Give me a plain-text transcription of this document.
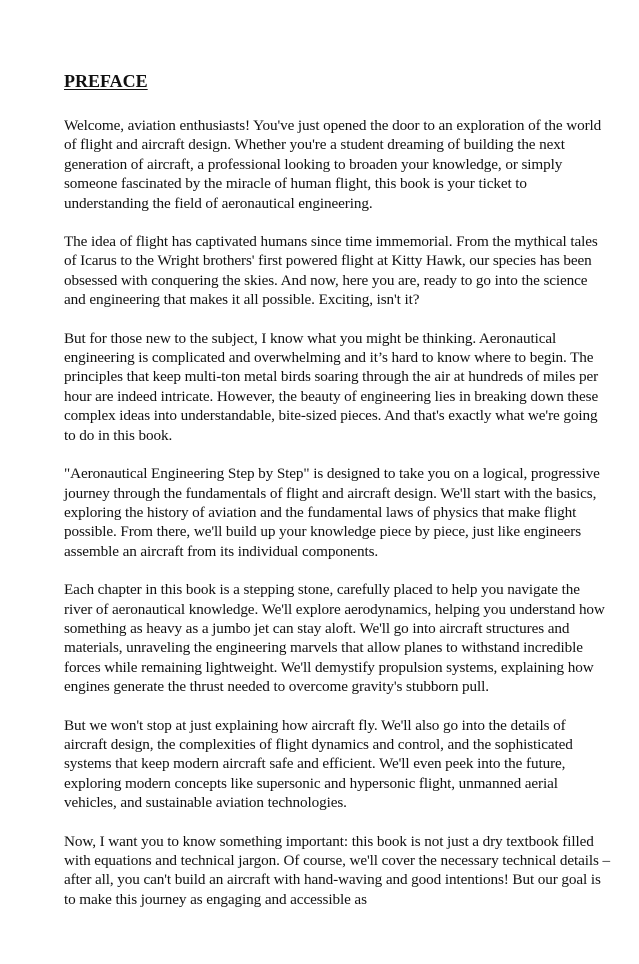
PREFACE

Welcome, aviation enthusiasts! You've just opened the door to an exploration of the world of flight and aircraft design. Whether you're a student dreaming of building the next generation of aircraft, a professional looking to broaden your knowledge, or simply someone fascinated by the miracle of human flight, this book is your ticket to understanding the field of aeronautical engineering.

The idea of flight has captivated humans since time immemorial. From the mythical tales of Icarus to the Wright brothers' first powered flight at Kitty Hawk, our species has been obsessed with conquering the skies. And now, here you are, ready to go into the science and engineering that makes it all possible. Exciting, isn't it?

But for those new to the subject, I know what you might be thinking. Aeronautical engineering is complicated and overwhelming and it’s hard to know where to begin. The principles that keep multi-ton metal birds soaring through the air at hundreds of miles per hour are indeed intricate. However, the beauty of engineering lies in breaking down these complex ideas into understandable, bite-sized pieces. And that's exactly what we're going to do in this book.

"Aeronautical Engineering Step by Step" is designed to take you on a logical, progressive journey through the fundamentals of flight and aircraft design. We'll start with the basics, exploring the history of aviation and the fundamental laws of physics that make flight possible. From there, we'll build up your knowledge piece by piece, just like engineers assemble an aircraft from its individual components.

Each chapter in this book is a stepping stone, carefully placed to help you navigate the river of aeronautical knowledge. We'll explore aerodynamics, helping you understand how something as heavy as a jumbo jet can stay aloft. We'll go into aircraft structures and materials, unraveling the engineering marvels that allow planes to withstand incredible forces while remaining lightweight. We'll demystify propulsion systems, explaining how engines generate the thrust needed to overcome gravity's stubborn pull.

But we won't stop at just explaining how aircraft fly. We'll also go into the details of aircraft design, the complexities of flight dynamics and control, and the sophisticated systems that keep modern aircraft safe and efficient. We'll even peek into the future, exploring modern concepts like supersonic and hypersonic flight, unmanned aerial vehicles, and sustainable aviation technologies.

Now, I want you to know something important: this book is not just a dry textbook filled with equations and technical jargon. Of course, we'll cover the necessary technical details – after all, you can't build an aircraft with hand-waving and good intentions! But our goal is to make this journey as engaging and accessible as
